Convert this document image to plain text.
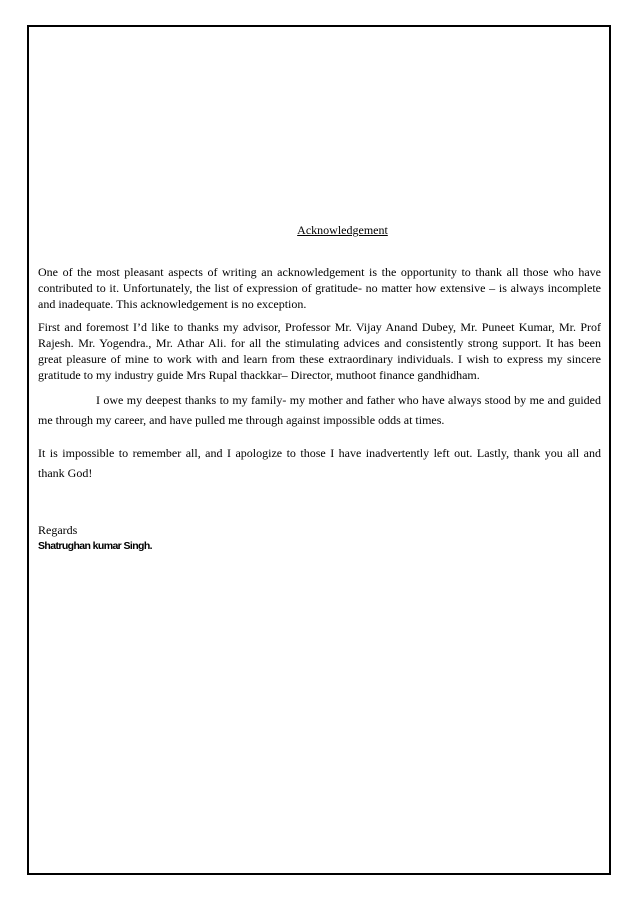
Acknowledgement

One of the most pleasant aspects of writing an acknowledgement is the opportunity to thank all those who have contributed to it. Unfortunately, the list of expression of gratitude- no matter how extensive – is always incomplete and inadequate. This acknowledgement is no exception.

First and foremost I’d like to thanks my advisor, Professor Mr. Vijay Anand Dubey, Mr. Puneet Kumar, Mr. Prof Rajesh. Mr. Yogendra., Mr. Athar Ali. for all the stimulating advices and consistently strong support. It has been great pleasure of mine to work with and learn from these extraordinary individuals. I wish to express my sincere gratitude to my industry guide Mrs Rupal thackkar– Director, muthoot finance gandhidham.

I owe my deepest thanks to my family- my mother and father who have always stood by me and guided me through my career, and have pulled me through against impossible odds at times.

It is impossible to remember all, and I apologize to those I have inadvertently left out. Lastly, thank you all and thank God!

Regards

Shatrughan kumar Singh.
